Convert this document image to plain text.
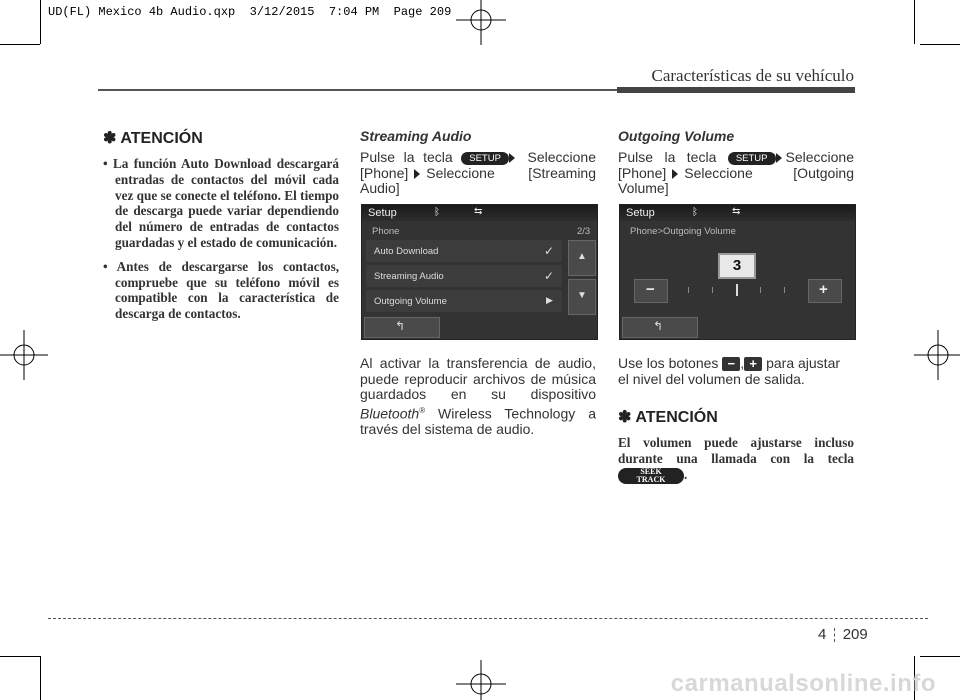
UD(FL) Mexico 4b Audio.qxp  3/12/2015  7:04 PM  Page 209
Características de su vehículo
✽ ATENCIÓN
• La función Auto Download descargará entradas de contactos del móvil cada vez que se conecte el teléfono. El tiempo de descarga puede variar dependiendo del número de entradas de contactos guardadas y el estado de comunicación.
• Antes de descargarse los contactos, compruebe que su teléfono móvil es compatible con la característica de descarga de contactos.
Streaming Audio

Pulse la tecla SETUP Seleccione [Phone] Seleccione [Streaming Audio]

Setup	ᛒ	⇆
Phone	2/3
Auto Download	✓
Streaming Audio	✓
Outgoing Volume	▶
▲
▼
↰

Al activar la transferencia de audio, puede reproducir archivos de música guardados en su dispositivo Bluetooth® Wireless Technology a través del sistema de audio.

Outgoing Volume

Pulse la tecla SETUP Seleccione [Phone] Seleccione [Outgoing Volume]

Setup	ᛒ	⇆
Phone>Outgoing Volume
3
−	+
↰

Use los botones − , + para ajustar el nivel del volumen de salida.

✽ ATENCIÓN

El volumen puede ajustarse incluso durante una llamada con la tecla
SEEK
TRACK	.

4 209
carmanualsonline.info
